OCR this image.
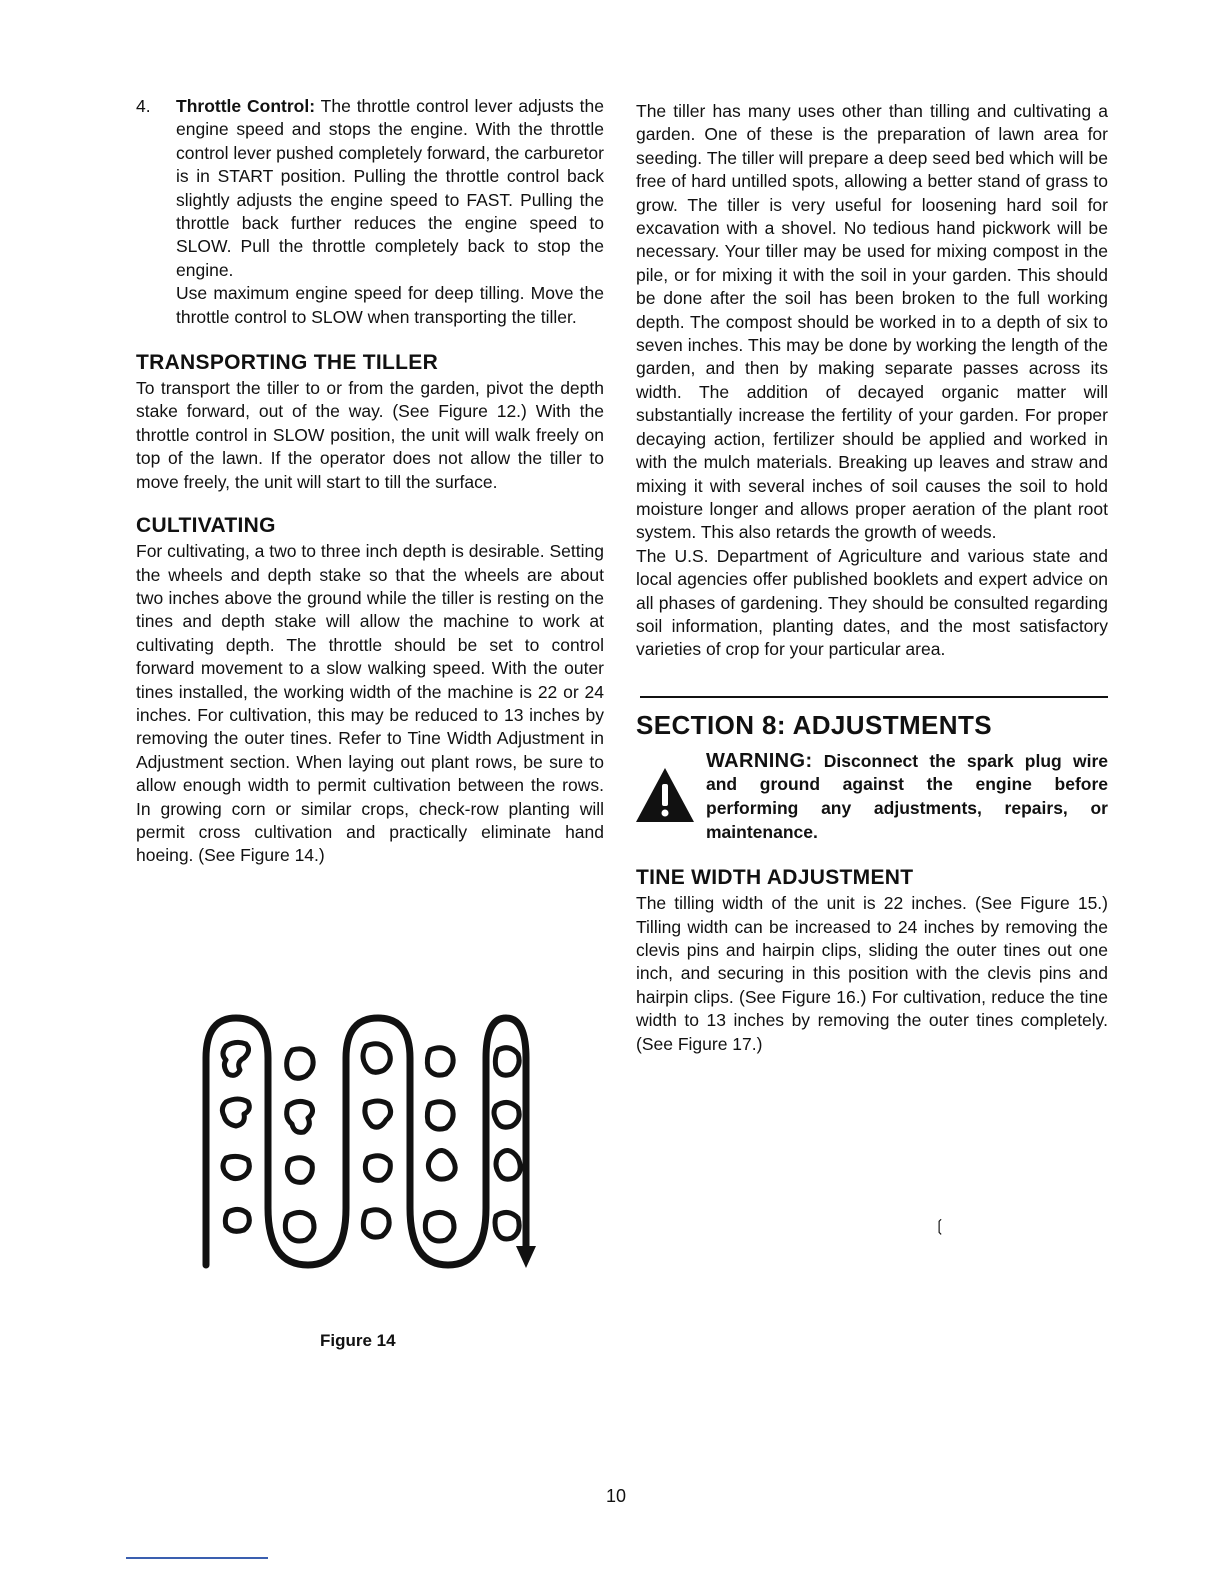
4.	Throttle Control: The throttle control lever adjusts the engine speed and stops the engine. With the throttle control lever pushed completely forward, the carburetor is in START position. Pulling the throttle control back slightly adjusts the engine speed to FAST. Pulling the throttle back further reduces the engine speed to SLOW. Pull the throttle completely back to stop the engine.

Use maximum engine speed for deep tilling. Move the throttle control to SLOW when transporting the tiller.

TRANSPORTING THE TILLER

To transport the tiller to or from the garden, pivot the depth stake forward, out of the way. (See Figure 12.) With the throttle control in SLOW position, the unit will walk freely on top of the lawn. If the operator does not allow the tiller to move freely, the unit will start to till the surface.

CULTIVATING

For cultivating, a two to three inch depth is desirable. Setting the wheels and depth stake so that the wheels are about two inches above the ground while the tiller is resting on the tines and depth stake will allow the machine to work at cultivating depth. The throttle should be set to control forward movement to a slow walking speed. With the outer tines installed, the working width of the machine is 22 or 24 inches. For cultivation, this may be reduced to 13 inches by removing the outer tines. Refer to Tine Width Adjustment in Adjustment section. When laying out plant rows, be sure to allow enough width to permit cultivation between the rows. In growing corn or similar crops, check-row planting will permit cross cultivation and practically eliminate hand hoeing. (See Figure 14.)

Figure 14

The tiller has many uses other than tilling and cultivating a garden. One of these is the preparation of lawn area for seeding. The tiller will prepare a deep seed bed which will be free of hard untilled spots, allowing a better stand of grass to grow. The tiller is very useful for loosening hard soil for excavation with a shovel. No tedious hand pickwork will be necessary. Your tiller may be used for mixing compost in the pile, or for mixing it with the soil in your garden. This should be done after the soil has been broken to the full working depth. The compost should be worked in to a depth of six to seven inches. This may be done by working the length of the garden, and then by making separate passes across its width. The addition of decayed organic matter will substantially increase the fertility of your garden. For proper decaying action, fertilizer should be applied and worked in with the mulch materials. Breaking up leaves and straw and mixing it with several inches of soil causes the soil to hold moisture longer and allows proper aeration of the plant root system. This also retards the growth of weeds.

The U.S. Department of Agriculture and various state and local agencies offer published booklets and expert advice on all phases of gardening. They should be consulted regarding soil information, planting dates, and the most satisfactory varieties of crop for your particular area.

SECTION 8: ADJUSTMENTS
WARNING: Disconnect the spark plug wire and ground against the engine before performing any adjustments, repairs, or maintenance.
TINE WIDTH ADJUSTMENT

The tilling width of the unit is 22 inches. (See Figure 15.) Tilling width can be increased to 24 inches by removing the clevis pins and hairpin clips, sliding the outer tines out one inch, and securing in this position with the clevis pins and hairpin clips. (See Figure 16.) For cultivation, reduce the tine width to 13 inches by removing the outer tines completely. (See Figure 17.)

❲
10
